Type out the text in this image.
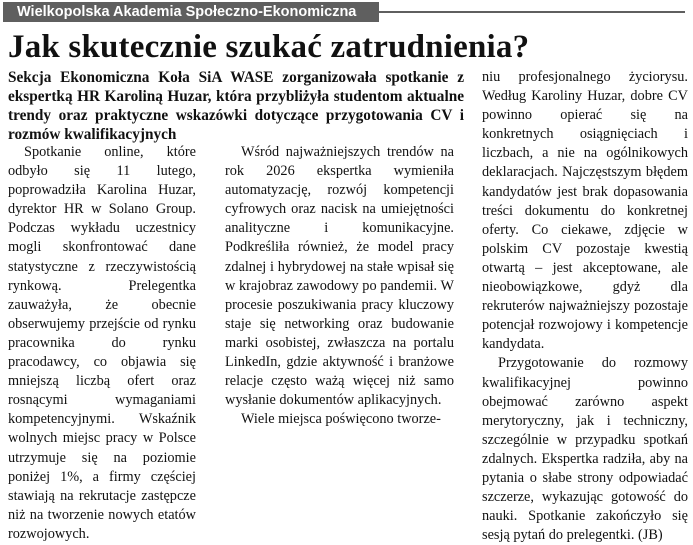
Wielkopolska Akademia Społeczno-Ekonomiczna
Jak skutecznie szukać zatrudnienia?
Sekcja Ekonomiczna Koła SiA WASE zorganizowała spotkanie z ekspertką HR Karoliną Huzar, która przybliżyła studentom aktualne trendy oraz praktyczne wskazówki dotyczące przygotowania CV i rozmów kwalifikacyjnych

Spotkanie online, które odbyło się 11 lutego, poprowadziła Karolina Huzar, dyrektor HR w Solano Group. Podczas wykładu uczestnicy mogli skonfrontować dane statystyczne z rzeczywistością rynkową. Prelegentka zauważyła, że obecnie obserwujemy przejście od rynku pracownika do rynku pracodawcy, co objawia się mniejszą liczbą ofert oraz rosnącymi wymaganiami kompetencyjnymi. Wskaźnik wolnych miejsc pracy w Polsce utrzymuje się na poziomie poniżej 1%, a firmy częściej stawiają na rekrutacje zastępcze niż na tworzenie nowych etatów rozwojowych.

Wśród najważniejszych trendów na rok 2026 ekspertka wymieniła automatyzację, rozwój kompetencji cyfrowych oraz nacisk na umiejętności analityczne i komunikacyjne. Podkreśliła również, że model pracy zdalnej i hybrydowej na stałe wpisał się w krajobraz zawodowy po pandemii. W procesie poszukiwania pracy kluczowy staje się networking oraz budowanie marki osobistej, zwłaszcza na portalu LinkedIn, gdzie aktywność i branżowe relacje często ważą więcej niż samo wysłanie dokumentów aplikacyjnych.

Wiele miejsca poświęcono tworze-

niu profesjonalnego życiorysu. Według Karoliny Huzar, dobre CV powinno opierać się na konkretnych osiągnięciach i liczbach, a nie na ogólnikowych deklaracjach. Najczęstszym błędem kandydatów jest brak dopasowania treści dokumentu do konkretnej oferty. Co ciekawe, zdjęcie w polskim CV pozostaje kwestią otwartą – jest akceptowane, ale nieobowiązkowe, gdyż dla rekruterów najważniejszy pozostaje potencjał rozwojowy i kompetencje kandydata.

Przygotowanie do rozmowy kwalifikacyjnej powinno obejmować zarówno aspekt merytoryczny, jak i techniczny, szczególnie w przypadku spotkań zdalnych. Ekspertka radziła, aby na pytania o słabe strony odpowiadać szczerze, wykazując gotowość do nauki. Spotkanie zakończyło się sesją pytań do prelegentki. (JB)
